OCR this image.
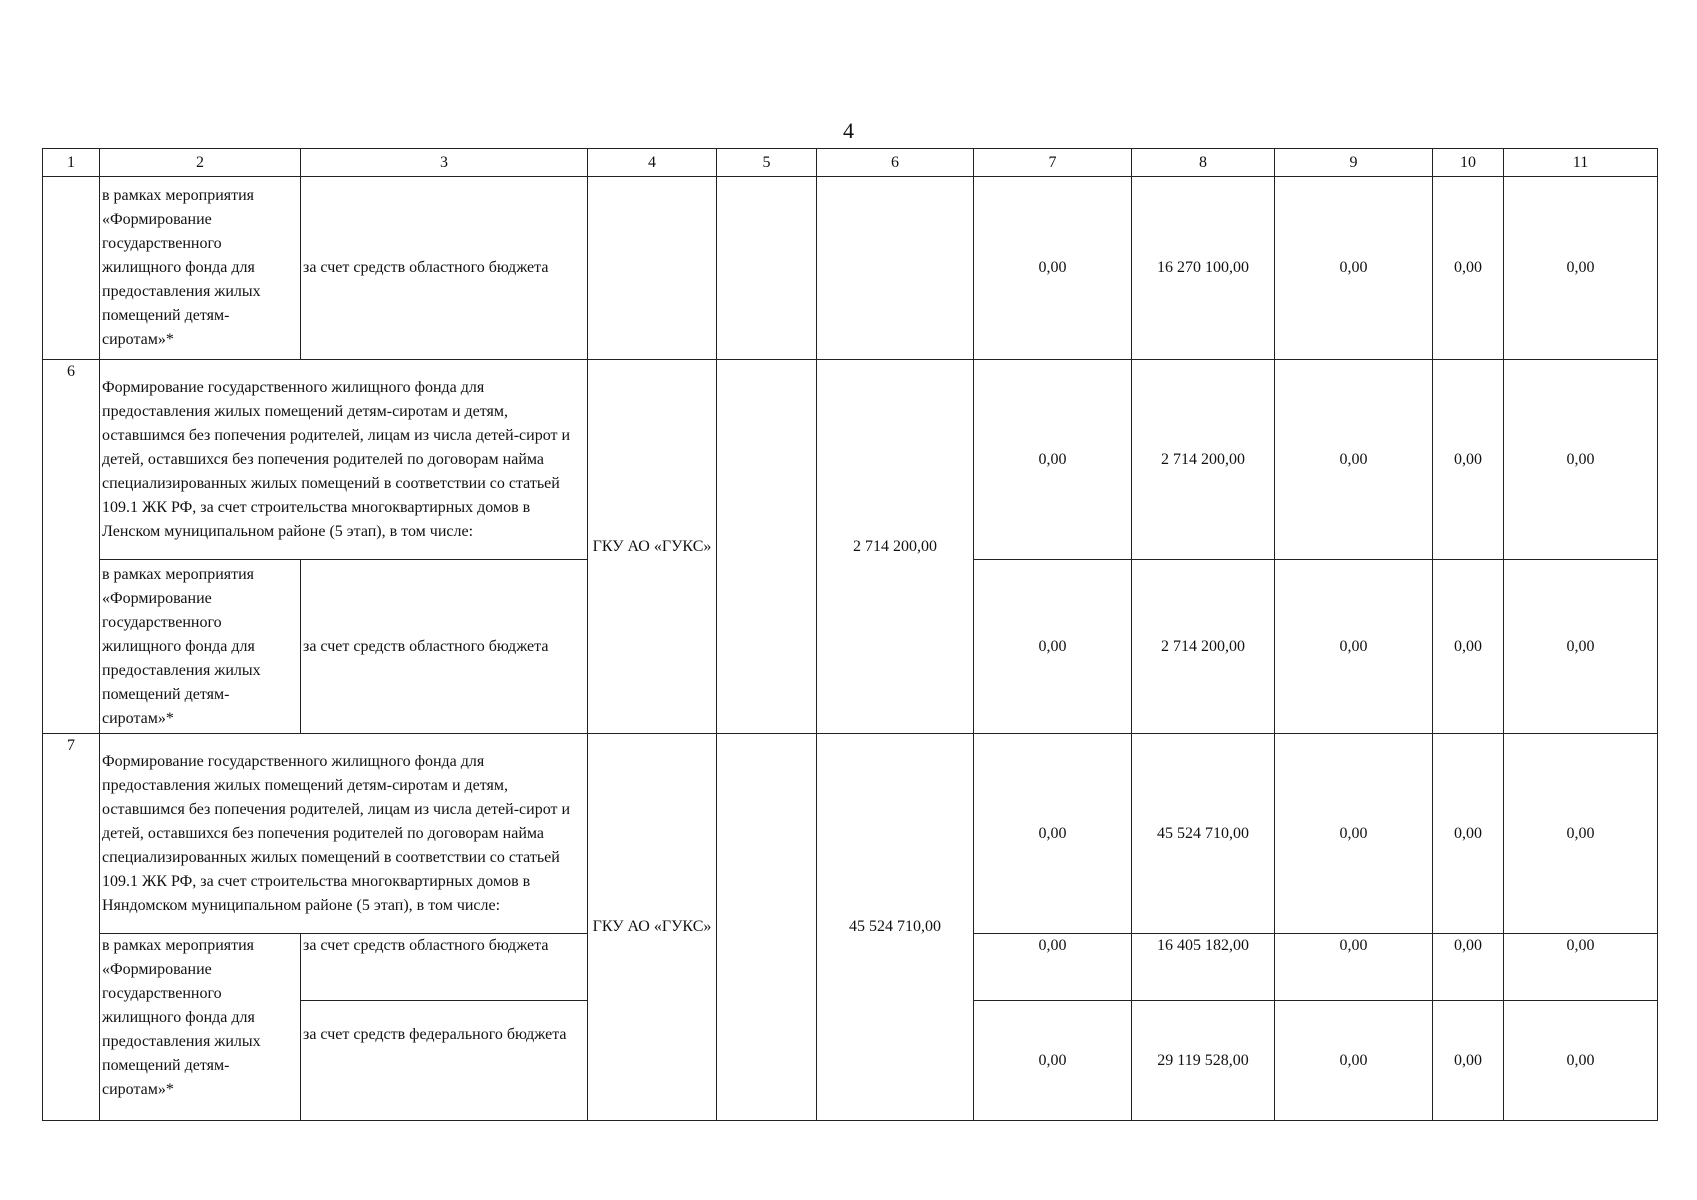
4
1	2	3	4	5	6	7	8	9	10	11
	в рамках мероприятия «Формирование государственного жилищного фонда для предоставления жилых помещений детям-сиротам»*	за счет средств областного бюджета				0,00	16 270 100,00	0,00	0,00	0,00
6	Формирование государственного жилищного фонда для предоставления жилых помещений детям-сиротам и детям, оставшимся без попечения родителей, лицам из числа детей-сирот и детей, оставшихся без попечения родителей по договорам найма специализированных жилых помещений в соответствии со статьей 109.1 ЖК РФ, за счет строительства многоквартирных домов в Ленском муниципальном районе (5 этап), в том числе:		ГКУ АО «ГУКС»		2 714 200,00	0,00	2 714 200,00	0,00	0,00	0,00
	в рамках мероприятия «Формирование государственного жилищного фонда для предоставления жилых помещений детям-сиротам»*	за счет средств областного бюджета				0,00	2 714 200,00	0,00	0,00	0,00
7	Формирование государственного жилищного фонда для предоставления жилых помещений детям-сиротам и детям, оставшимся без попечения родителей, лицам из числа детей-сирот и детей, оставшихся без попечения родителей по договорам найма специализированных жилых помещений в соответствии со статьей 109.1 ЖК РФ, за счет строительства многоквартирных домов в Няндомском муниципальном районе (5 этап), в том числе:		ГКУ АО «ГУКС»		45 524 710,00	0,00	45 524 710,00	0,00	0,00	0,00
	в рамках мероприятия «Формирование государственного жилищного фонда для предоставления жилых помещений детям-сиротам»*	за счет средств областного бюджета				0,00	16 405 182,00	0,00	0,00	0,00
		за счет средств федерального бюджета				0,00	29 119 528,00	0,00	0,00	0,00
